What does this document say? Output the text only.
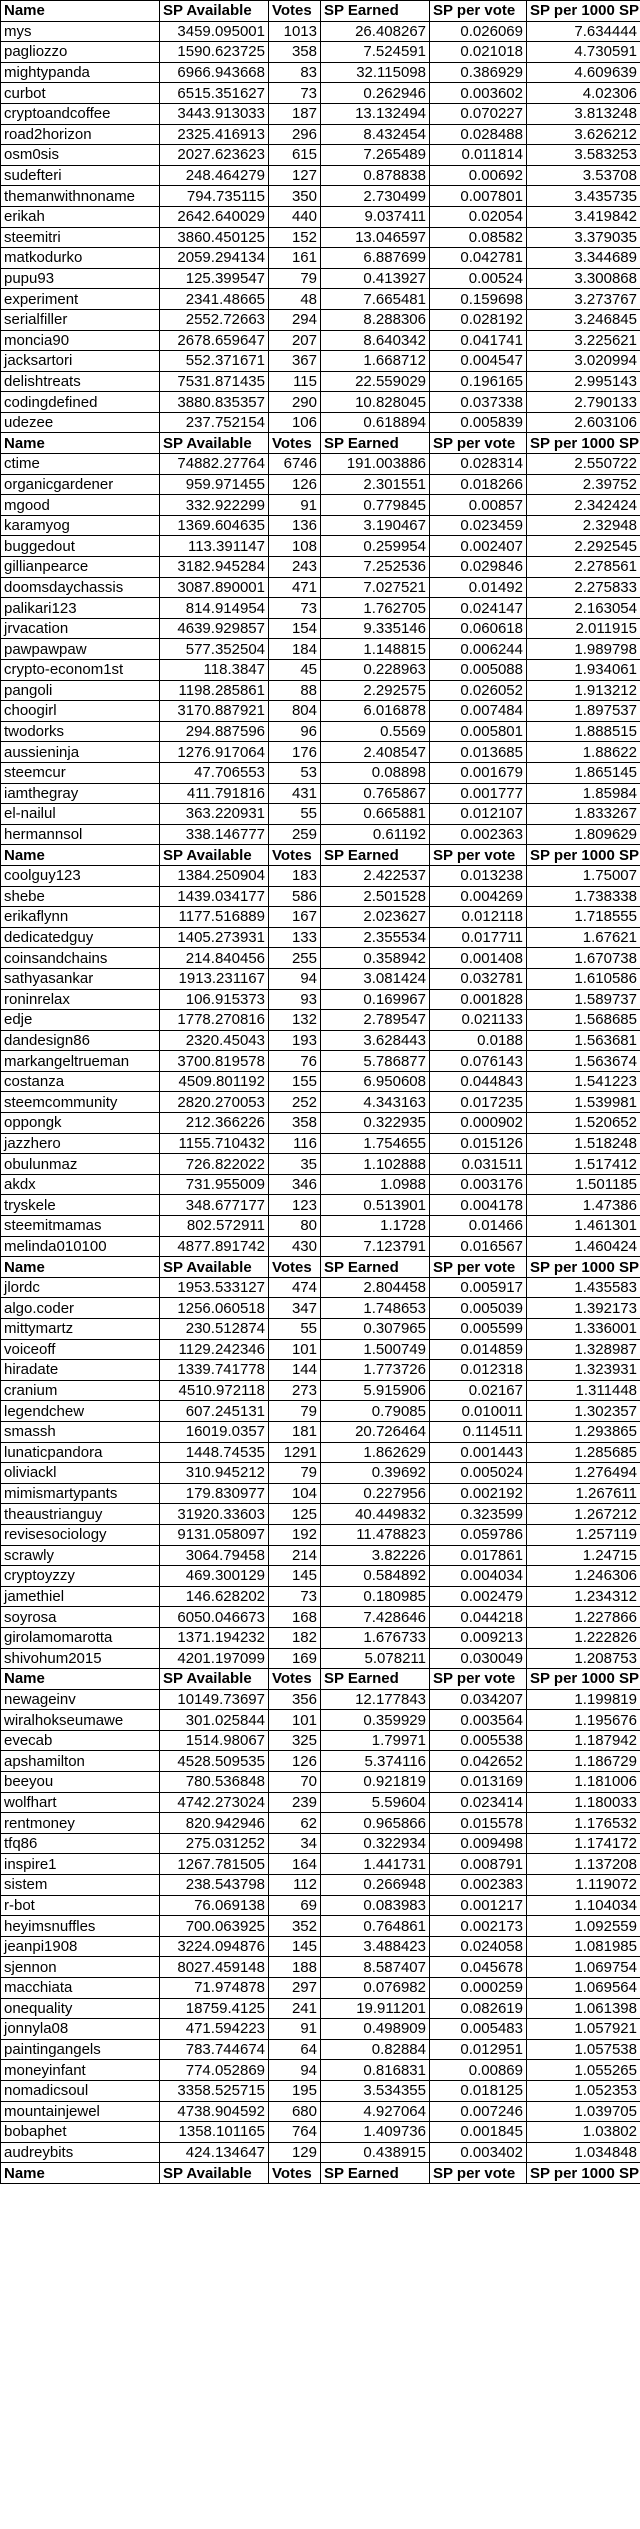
Name	SP Available	Votes	SP Earned	SP per vote	SP per 1000 SP
mys	3459.095001	1013	26.408267	0.026069	7.634444
pagliozzo	1590.623725	358	7.524591	0.021018	4.730591
mightypanda	6966.943668	83	32.115098	0.386929	4.609639
curbot	6515.351627	73	0.262946	0.003602	4.02306
cryptoandcoffee	3443.913033	187	13.132494	0.070227	3.813248
road2horizon	2325.416913	296	8.432454	0.028488	3.626212
osm0sis	2027.623623	615	7.265489	0.011814	3.583253
sudefteri	248.464279	127	0.878838	0.00692	3.53708
themanwithnoname	794.735115	350	2.730499	0.007801	3.435735
erikah	2642.640029	440	9.037411	0.02054	3.419842
steemitri	3860.450125	152	13.046597	0.08582	3.379035
matkodurko	2059.294134	161	6.887699	0.042781	3.344689
pupu93	125.399547	79	0.413927	0.00524	3.300868
experiment	2341.48665	48	7.665481	0.159698	3.273767
serialfiller	2552.72663	294	8.288306	0.028192	3.246845
moncia90	2678.659647	207	8.640342	0.041741	3.225621
jacksartori	552.371671	367	1.668712	0.004547	3.020994
delishtreats	7531.871435	115	22.559029	0.196165	2.995143
codingdefined	3880.835357	290	10.828045	0.037338	2.790133
udezee	237.752154	106	0.618894	0.005839	2.603106
Name	SP Available	Votes	SP Earned	SP per vote	SP per 1000 SP
ctime	74882.27764	6746	191.003886	0.028314	2.550722
organicgardener	959.971455	126	2.301551	0.018266	2.39752
mgood	332.922299	91	0.779845	0.00857	2.342424
karamyog	1369.604635	136	3.190467	0.023459	2.32948
buggedout	113.391147	108	0.259954	0.002407	2.292545
gillianpearce	3182.945284	243	7.252536	0.029846	2.278561
doomsdaychassis	3087.890001	471	7.027521	0.01492	2.275833
palikari123	814.914954	73	1.762705	0.024147	2.163054
jrvacation	4639.929857	154	9.335146	0.060618	2.011915
pawpawpaw	577.352504	184	1.148815	0.006244	1.989798
crypto-econom1st	118.3847	45	0.228963	0.005088	1.934061
pangoli	1198.285861	88	2.292575	0.026052	1.913212
choogirl	3170.887921	804	6.016878	0.007484	1.897537
twodorks	294.887596	96	0.5569	0.005801	1.888515
aussieninja	1276.917064	176	2.408547	0.013685	1.88622
steemcur	47.706553	53	0.08898	0.001679	1.865145
iamthegray	411.791816	431	0.765867	0.001777	1.85984
el-nailul	363.220931	55	0.665881	0.012107	1.833267
hermannsol	338.146777	259	0.61192	0.002363	1.809629
Name	SP Available	Votes	SP Earned	SP per vote	SP per 1000 SP
coolguy123	1384.250904	183	2.422537	0.013238	1.75007
shebe	1439.034177	586	2.501528	0.004269	1.738338
erikaflynn	1177.516889	167	2.023627	0.012118	1.718555
dedicatedguy	1405.273931	133	2.355534	0.017711	1.67621
coinsandchains	214.840456	255	0.358942	0.001408	1.670738
sathyasankar	1913.231167	94	3.081424	0.032781	1.610586
roninrelax	106.915373	93	0.169967	0.001828	1.589737
edje	1778.270816	132	2.789547	0.021133	1.568685
dandesign86	2320.45043	193	3.628443	0.0188	1.563681
markangeltrueman	3700.819578	76	5.786877	0.076143	1.563674
costanza	4509.801192	155	6.950608	0.044843	1.541223
steemcommunity	2820.270053	252	4.343163	0.017235	1.539981
oppongk	212.366226	358	0.322935	0.000902	1.520652
jazzhero	1155.710432	116	1.754655	0.015126	1.518248
obulunmaz	726.822022	35	1.102888	0.031511	1.517412
akdx	731.955009	346	1.0988	0.003176	1.501185
tryskele	348.677177	123	0.513901	0.004178	1.47386
steemitmamas	802.572911	80	1.1728	0.01466	1.461301
melinda010100	4877.891742	430	7.123791	0.016567	1.460424
Name	SP Available	Votes	SP Earned	SP per vote	SP per 1000 SP
jlordc	1953.533127	474	2.804458	0.005917	1.435583
algo.coder	1256.060518	347	1.748653	0.005039	1.392173
mittymartz	230.512874	55	0.307965	0.005599	1.336001
voiceoff	1129.242346	101	1.500749	0.014859	1.328987
hiradate	1339.741778	144	1.773726	0.012318	1.323931
cranium	4510.972118	273	5.915906	0.02167	1.311448
legendchew	607.245131	79	0.79085	0.010011	1.302357
smassh	16019.0357	181	20.726464	0.114511	1.293865
lunaticpandora	1448.74535	1291	1.862629	0.001443	1.285685
oliviackl	310.945212	79	0.39692	0.005024	1.276494
mimismartypants	179.830977	104	0.227956	0.002192	1.267611
theaustrianguy	31920.33603	125	40.449832	0.323599	1.267212
revisesociology	9131.058097	192	11.478823	0.059786	1.257119
scrawly	3064.79458	214	3.82226	0.017861	1.24715
cryptoyzzy	469.300129	145	0.584892	0.004034	1.246306
jamethiel	146.628202	73	0.180985	0.002479	1.234312
soyrosa	6050.046673	168	7.428646	0.044218	1.227866
girolamomarotta	1371.194232	182	1.676733	0.009213	1.222826
shivohum2015	4201.197099	169	5.078211	0.030049	1.208753
Name	SP Available	Votes	SP Earned	SP per vote	SP per 1000 SP
newageinv	10149.73697	356	12.177843	0.034207	1.199819
wiralhokseumawe	301.025844	101	0.359929	0.003564	1.195676
evecab	1514.98067	325	1.79971	0.005538	1.187942
apshamilton	4528.509535	126	5.374116	0.042652	1.186729
beeyou	780.536848	70	0.921819	0.013169	1.181006
wolfhart	4742.273024	239	5.59604	0.023414	1.180033
rentmoney	820.942946	62	0.965866	0.015578	1.176532
tfq86	275.031252	34	0.322934	0.009498	1.174172
inspire1	1267.781505	164	1.441731	0.008791	1.137208
sistem	238.543798	112	0.266948	0.002383	1.119072
r-bot	76.069138	69	0.083983	0.001217	1.104034
heyimsnuffles	700.063925	352	0.764861	0.002173	1.092559
jeanpi1908	3224.094876	145	3.488423	0.024058	1.081985
sjennon	8027.459148	188	8.587407	0.045678	1.069754
macchiata	71.974878	297	0.076982	0.000259	1.069564
onequality	18759.4125	241	19.911201	0.082619	1.061398
jonnyla08	471.594223	91	0.498909	0.005483	1.057921
paintingangels	783.744674	64	0.82884	0.012951	1.057538
moneyinfant	774.052869	94	0.816831	0.00869	1.055265
nomadicsoul	3358.525715	195	3.534355	0.018125	1.052353
mountainjewel	4738.904592	680	4.927064	0.007246	1.039705
bobaphet	1358.101165	764	1.409736	0.001845	1.03802
audreybits	424.134647	129	0.438915	0.003402	1.034848
Name	SP Available	Votes	SP Earned	SP per vote	SP per 1000 SP
